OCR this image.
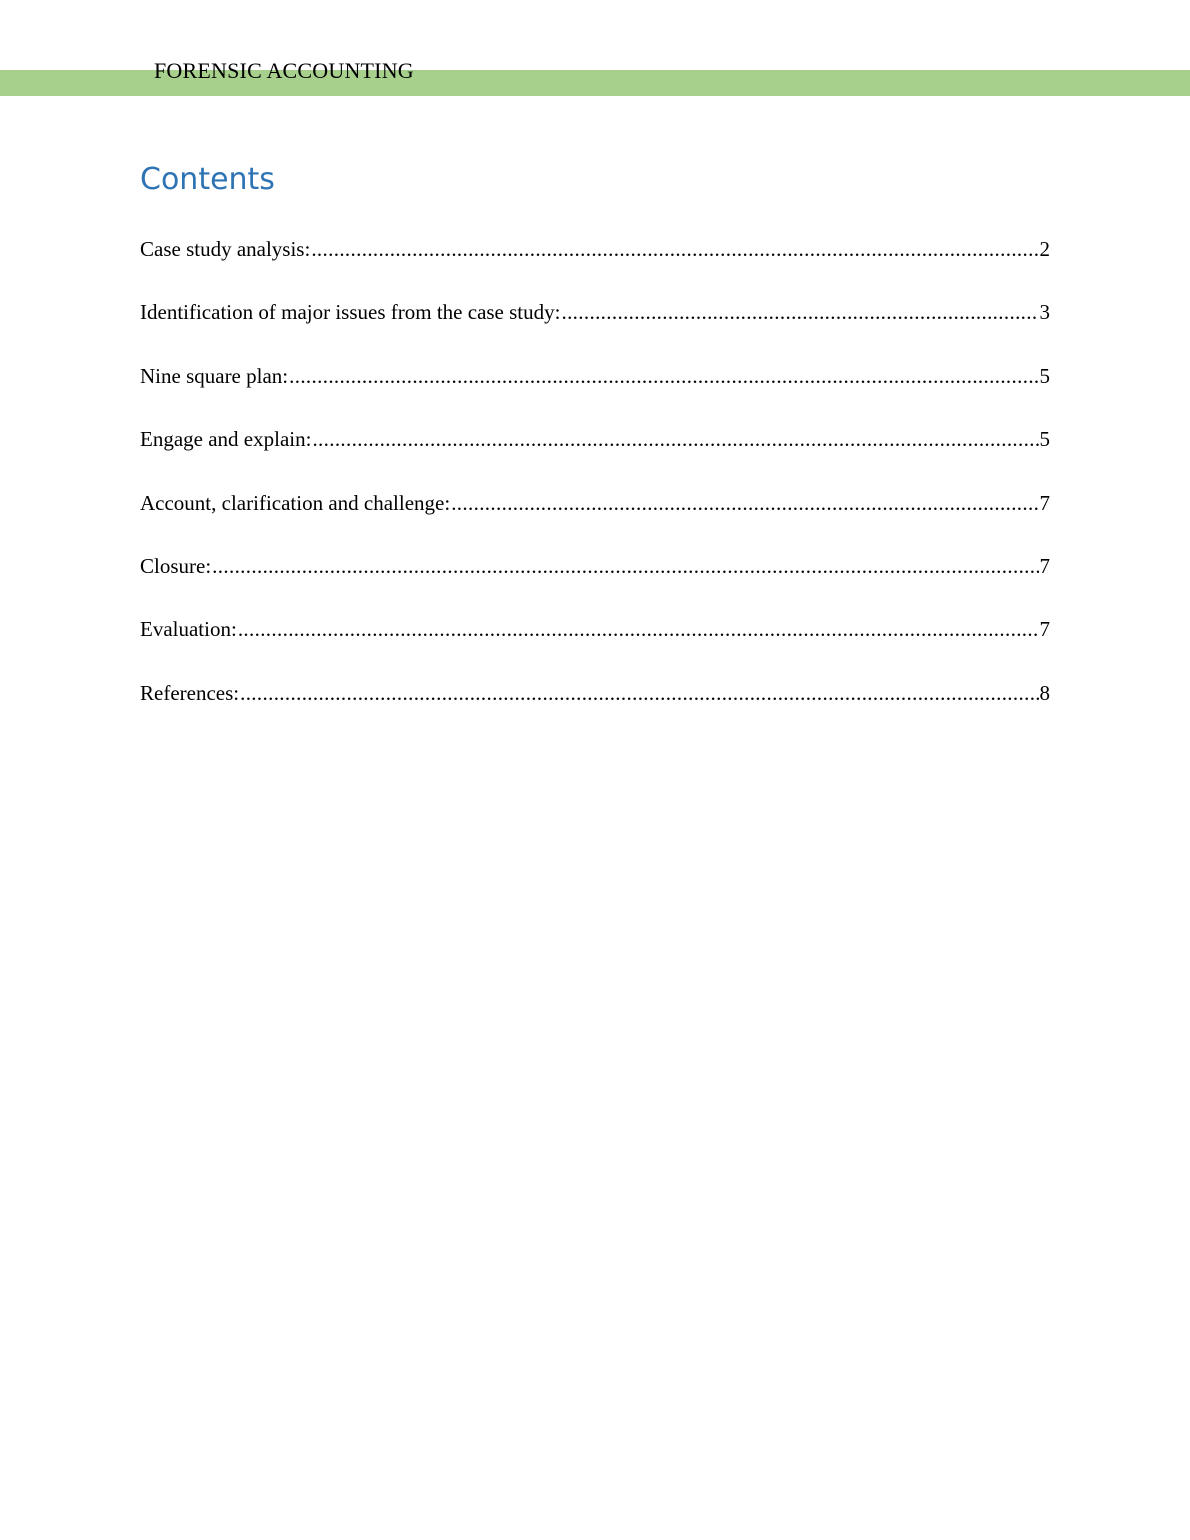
FORENSIC ACCOUNTING
Contents
Case study analysis: .....	2
Identification of major issues from the case study: .....	3
Nine square plan: .....	5
Engage and explain: .....	5
Account, clarification and challenge: .....	7
Closure: .....	7
Evaluation: .....	7
References: .....	8
